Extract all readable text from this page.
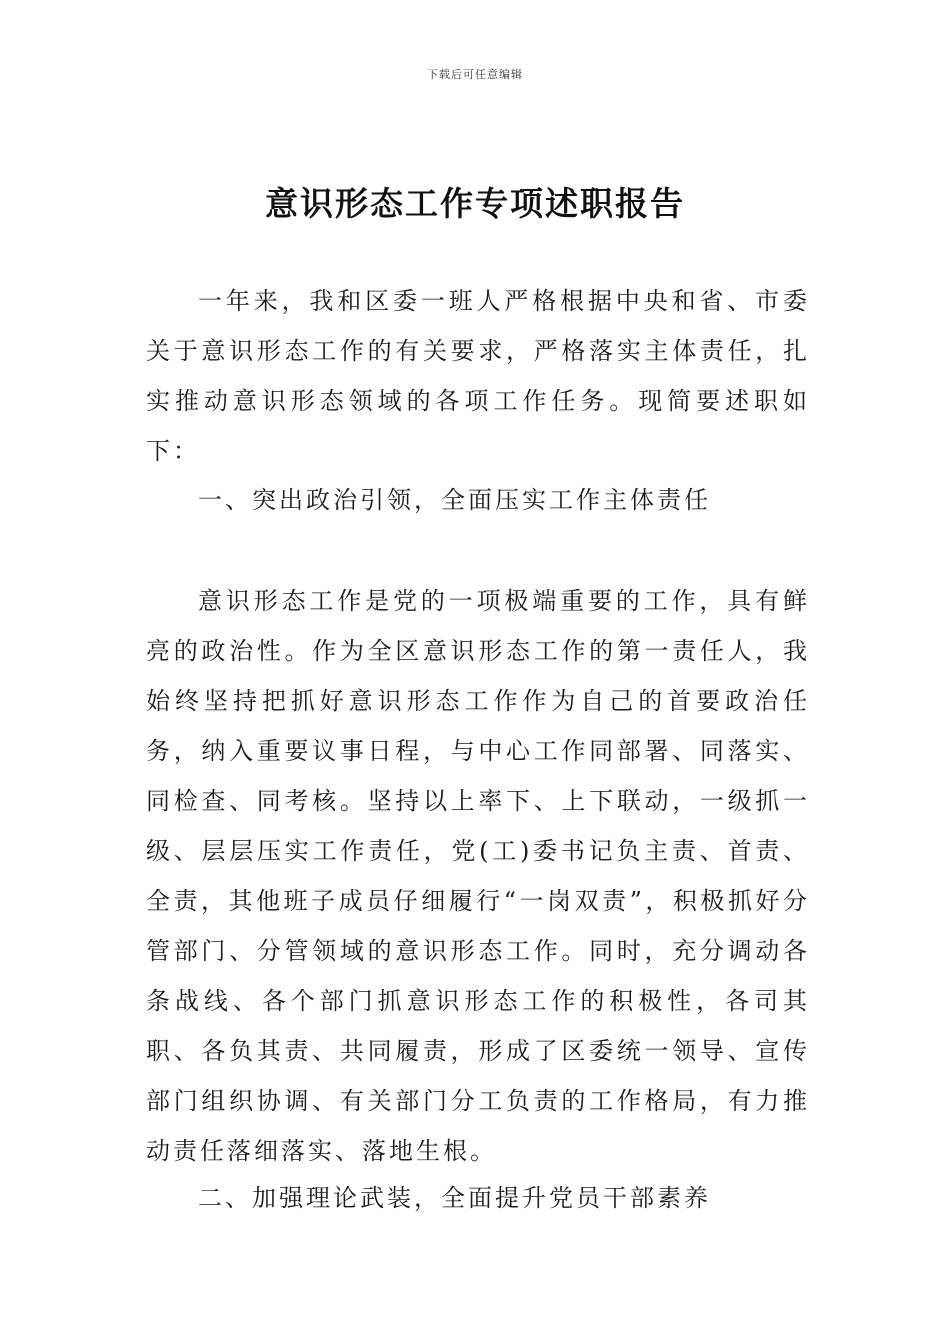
下载后可任意编辑
意识形态工作专项述职报告

一年来，我和区委一班人严格根据中央和省、市委关于意识形态工作的有关要求，严格落实主体责任，扎实推动意识形态领域的各项工作任务。现简要述职如下：

一、突出政治引领，全面压实工作主体责任

意识形态工作是党的一项极端重要的工作，具有鲜亮的政治性。作为全区意识形态工作的第一责任人，我始终坚持把抓好意识形态工作作为自己的首要政治任务，纳入重要议事日程，与中心工作同部署、同落实、同检查、同考核。坚持以上率下、上下联动，一级抓一级、层层压实工作责任，党(工)委书记负主责、首责、全责，其他班子成员仔细履行“一岗双责”，积极抓好分管部门、分管领域的意识形态工作。同时，充分调动各条战线、各个部门抓意识形态工作的积极性，各司其职、各负其责、共同履责，形成了区委统一领导、宣传部门组织协调、有关部门分工负责的工作格局，有力推动责任落细落实、落地生根。

二、加强理论武装，全面提升党员干部素养
